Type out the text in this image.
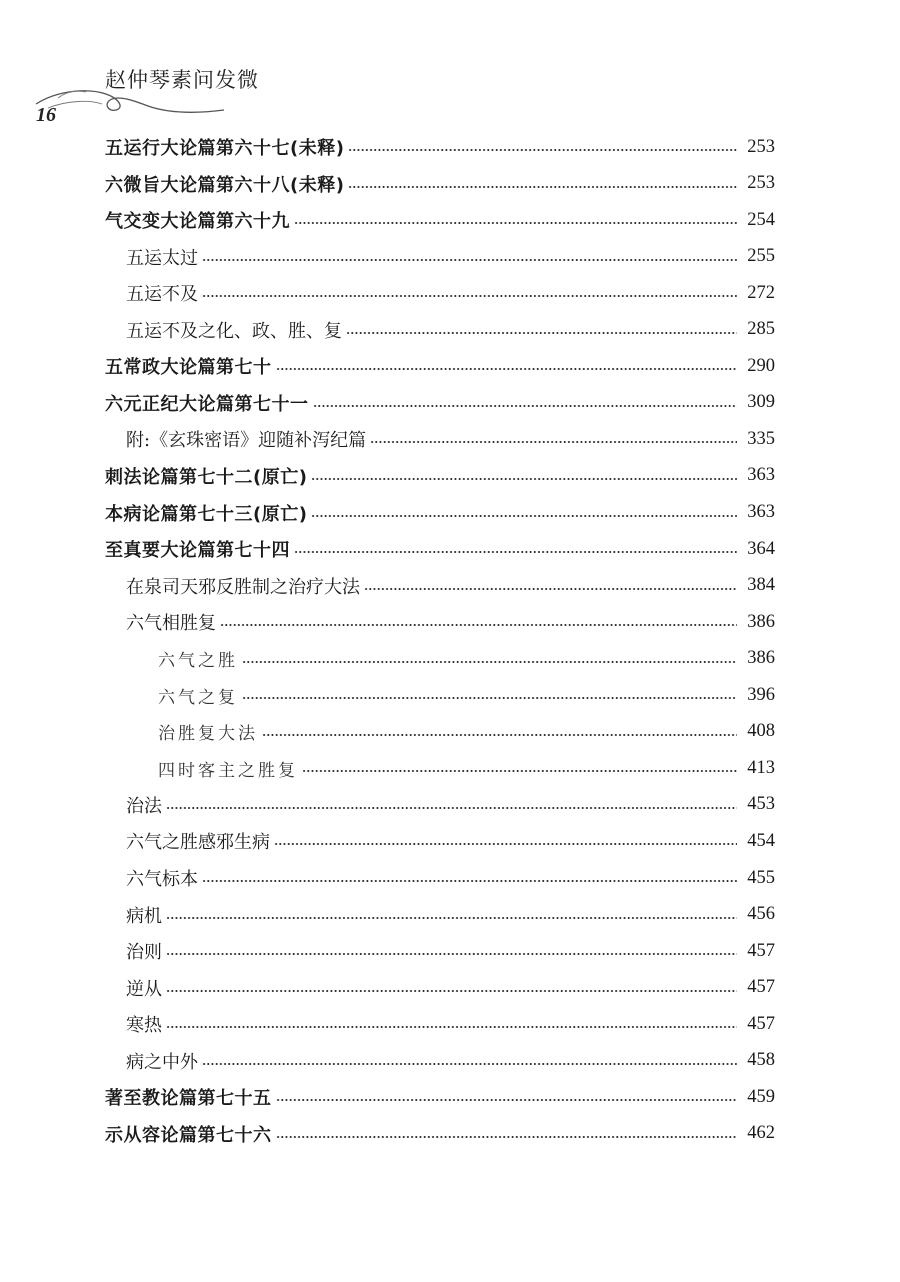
赵仲琴素问发微
16
五运行大论篇第六十七(未释)	253
六微旨大论篇第六十八(未释)	253
气交变大论篇第六十九	254
五运太过	255
五运不及	272
五运不及之化、政、胜、复	285
五常政大论篇第七十	290
六元正纪大论篇第七十一	309
附:《玄珠密语》迎随补泻纪篇	335
刺法论篇第七十二(原亡)	363
本病论篇第七十三(原亡)	363
至真要大论篇第七十四	364
在泉司天邪反胜制之治疗大法	384
六气相胜复	386
六气之胜	386
六气之复	396
治胜复大法	408
四时客主之胜复	413
治法	453
六气之胜感邪生病	454
六气标本	455
病机	456
治则	457
逆从	457
寒热	457
病之中外	458
著至教论篇第七十五	459
示从容论篇第七十六	462
